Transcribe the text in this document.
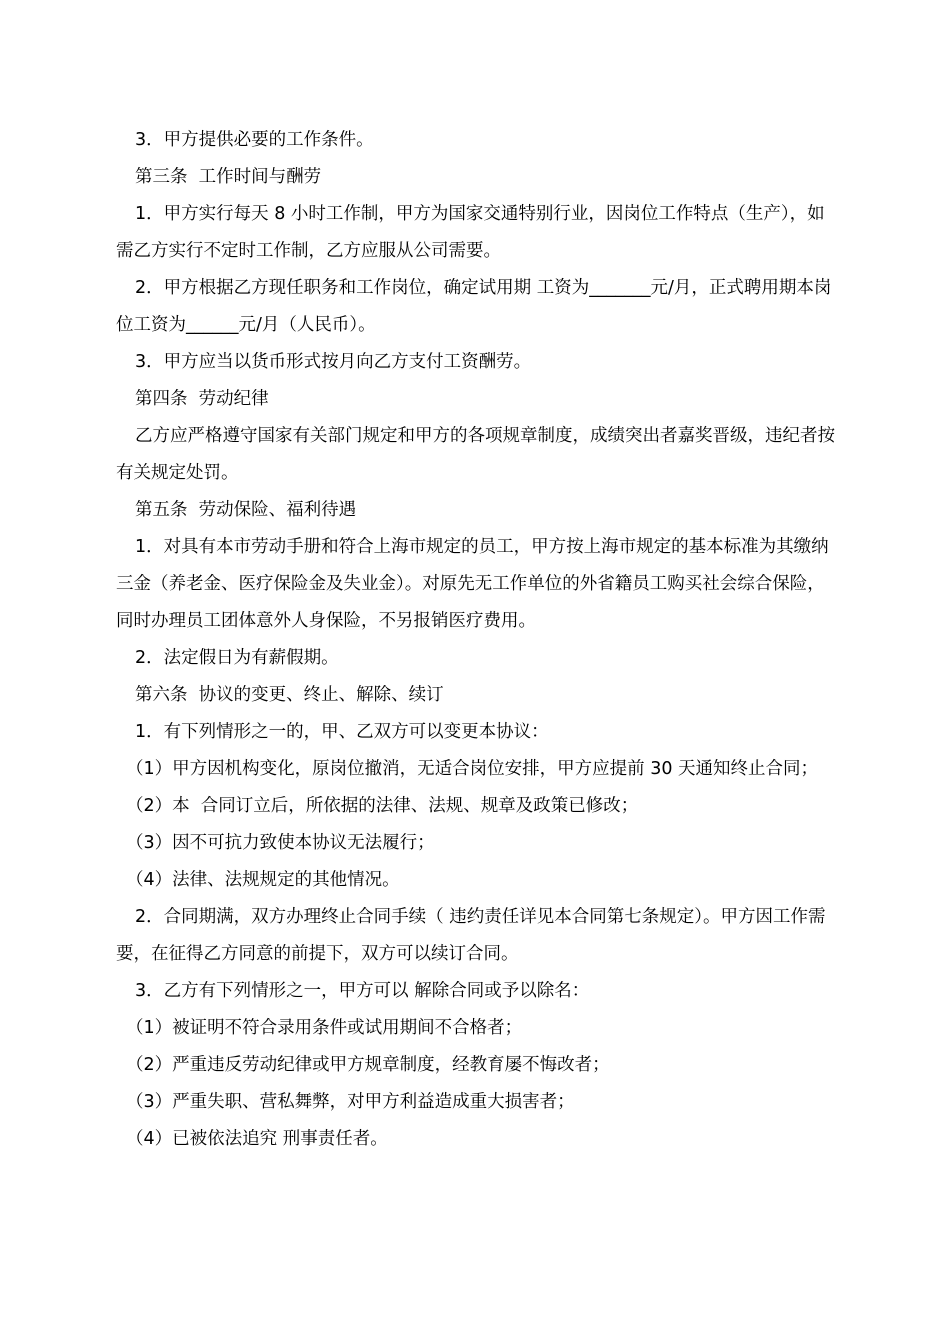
3．甲方提供必要的工作条件。

第三条  工作时间与酬劳

1．甲方实行每天 8 小时工作制，甲方为国家交通特别行业，因岗位工作特点（生产），如需乙方实行不定时工作制，乙方应服从公司需要。

2．甲方根据乙方现任职务和工作岗位，确定试用期 工资为_______元/月，正式聘用期本岗位工资为______元/月（人民币）。

3．甲方应当以货币形式按月向乙方支付工资酬劳。

第四条  劳动纪律

乙方应严格遵守国家有关部门规定和甲方的各项规章制度，成绩突出者嘉奖晋级，违纪者按有关规定处罚。

第五条  劳动保险、福利待遇

1．对具有本市劳动手册和符合上海市规定的员工，甲方按上海市规定的基本标准为其缴纳三金（养老金、医疗保险金及失业金）。对原先无工作单位的外省籍员工购买社会综合保险，同时办理员工团体意外人身保险，不另报销医疗费用。

2．法定假日为有薪假期。

第六条  协议的变更、终止、解除、续订

1．有下列情形之一的，甲、乙双方可以变更本协议：

（1）甲方因机构变化，原岗位撤消，无适合岗位安排，甲方应提前 30 天通知终止合同；

（2）本  合同订立后，所依据的法律、法规、规章及政策已修改；

（3）因不可抗力致使本协议无法履行；

（4）法律、法规规定的其他情况。

2．合同期满，双方办理终止合同手续（ 违约责任详见本合同第七条规定）。甲方因工作需要，在征得乙方同意的前提下，双方可以续订合同。

3．乙方有下列情形之一，甲方可以 解除合同或予以除名：

（1）被证明不符合录用条件或试用期间不合格者；

（2）严重违反劳动纪律或甲方规章制度，经教育屡不悔改者；

（3）严重失职、营私舞弊，对甲方利益造成重大损害者；

（4）已被依法追究 刑事责任者。
